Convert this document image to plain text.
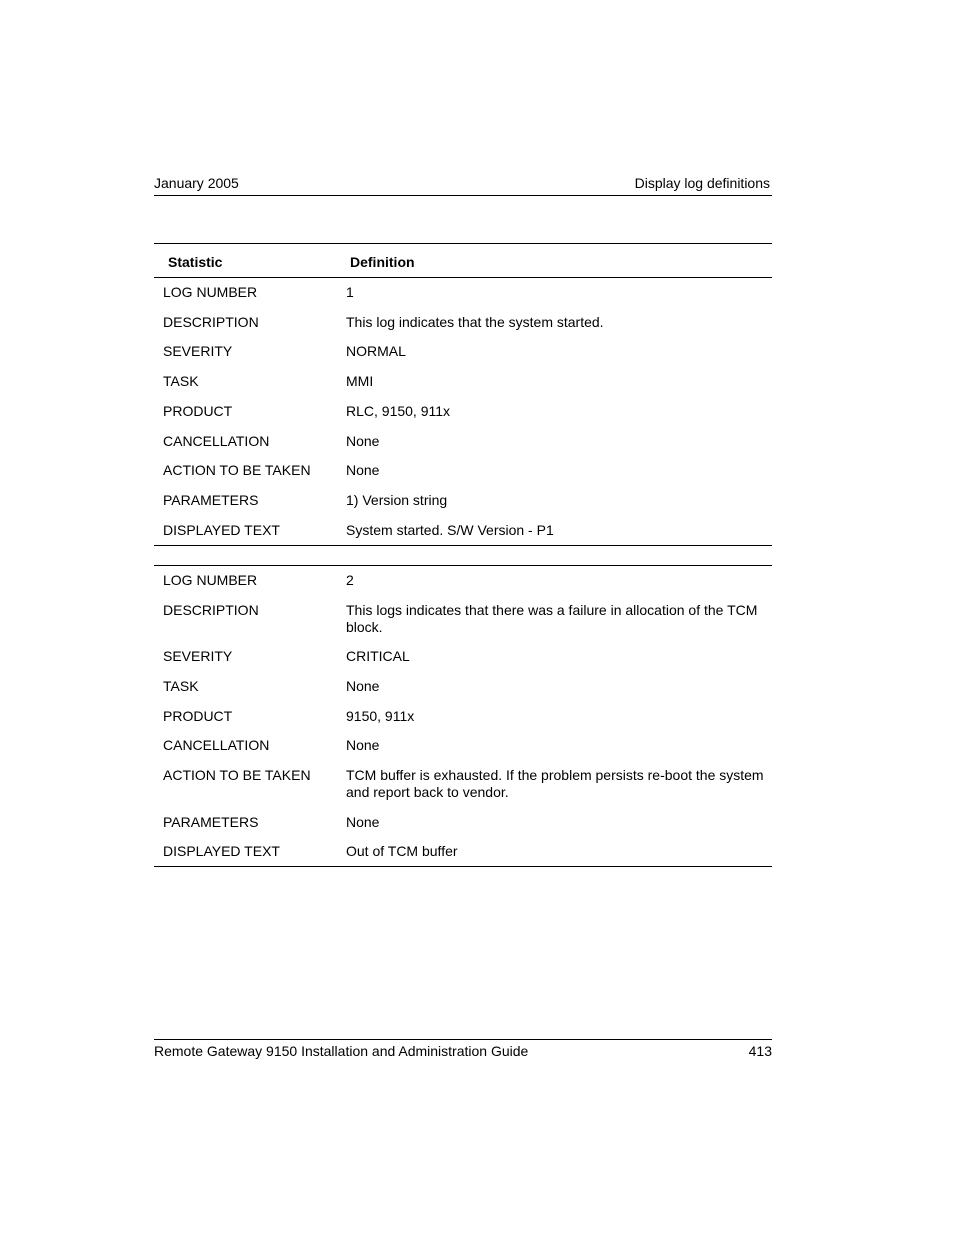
January 2005	Display log definitions
Statistic	Definition
LOG NUMBER	1
DESCRIPTION	This log indicates that the system started.
SEVERITY	NORMAL
TASK	MMI
PRODUCT	RLC, 9150, 911x
CANCELLATION	None
ACTION TO BE TAKEN	None
PARAMETERS	1) Version string
DISPLAYED TEXT	System started. S/W Version - P1
LOG NUMBER	2
DESCRIPTION	This logs indicates that there was a failure in allocation of the TCM block.
SEVERITY	CRITICAL
TASK	None
PRODUCT	9150, 911x
CANCELLATION	None
ACTION TO BE TAKEN	TCM buffer is exhausted. If the problem persists re-boot the system and report back to vendor.
PARAMETERS	None
DISPLAYED TEXT	Out of TCM buffer
Remote Gateway 9150 Installation and Administration Guide	413
